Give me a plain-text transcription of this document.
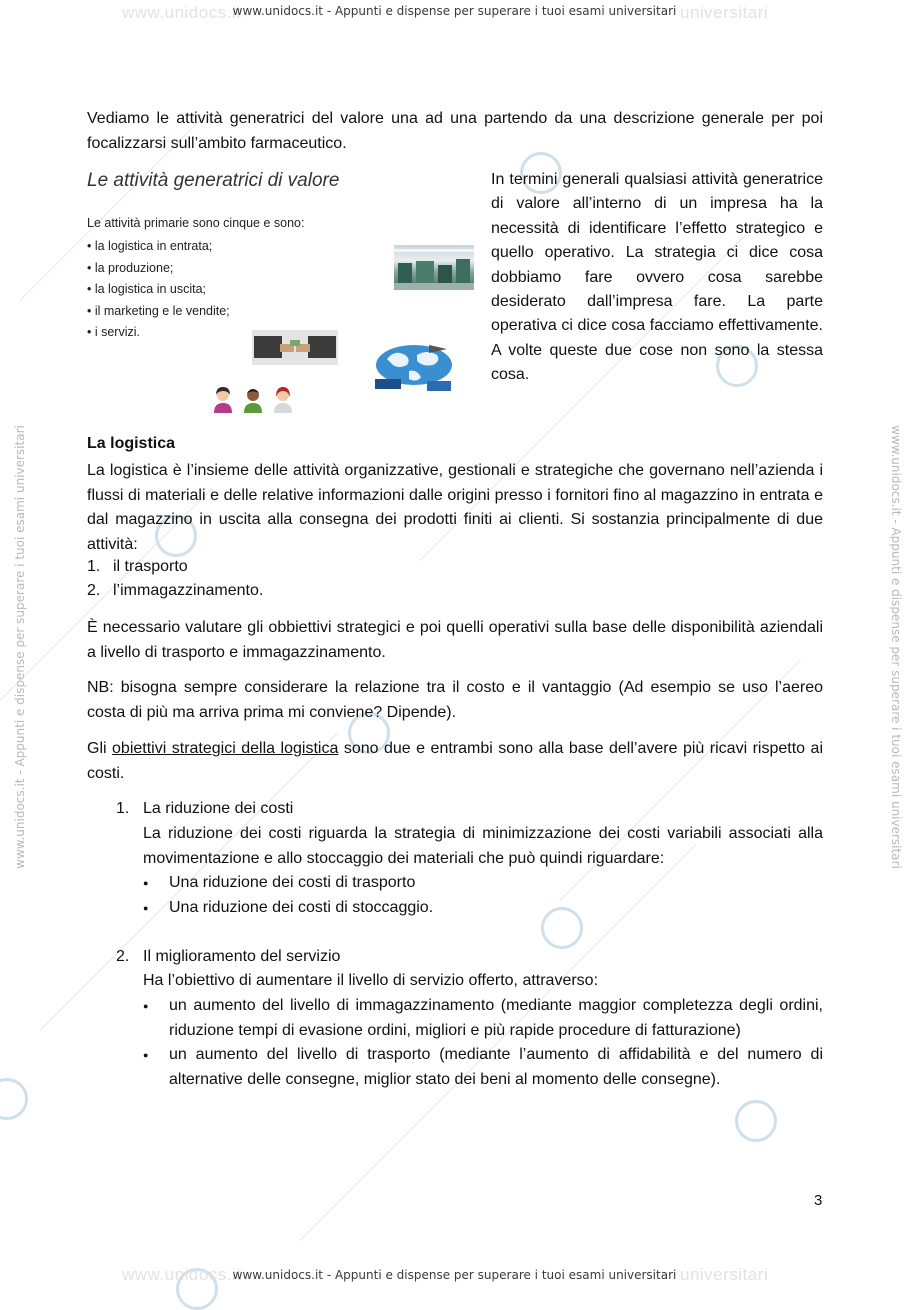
www.unidocs.it	universitari
www.unidocs.it	universitari
www.unidocs.it - Appunti e dispense per superare i tuoi esami universitari
www.unidocs.it - Appunti e dispense per superare i tuoi esami universitari
www.unidocs.it - Appunti e dispense per superare i tuoi esami universitari	www.unidocs.it - Appunti e dispense per superare i tuoi esami universitari
Vediamo le attività generatrici del valore una ad una partendo da una descrizione generale per poi focalizzarsi sull’ambito farmaceutico.
Le attività generatrici di valore
Le attività primarie sono cinque e sono:
• la logistica in entrata;
• la produzione;
• la logistica in uscita;
• il marketing e le vendite;
• i servizi.
In termini generali qualsiasi attività generatrice di valore all’interno di un impresa ha la necessità di identificare l’effetto strategico e quello operativo. La strategia ci dice cosa dobbiamo fare ovvero cosa sarebbe desiderato dall’impresa fare. La parte operativa ci dice cosa facciamo effettivamente. A volte queste due cose non sono la stessa cosa.
La logistica
La logistica è l’insieme delle attività organizzative, gestionali e strategiche che governano nell’azienda i flussi di materiali e delle relative informazioni dalle origini presso i fornitori fino al magazzino in entrata e dal magazzino in uscita alla consegna dei prodotti finiti ai clienti. Si sostanzia principalmente di due attività:
1. il trasporto
2. l’immagazzinamento.
È necessario valutare gli obbiettivi strategici e poi quelli operativi sulla base delle disponibilità aziendali a livello di trasporto e immagazzinamento.
NB: bisogna sempre considerare la relazione tra il costo e il vantaggio (Ad esempio se uso l’aereo costa di più ma arriva prima mi conviene? Dipende).
Gli obiettivi strategici della logistica sono due e entrambi sono alla base dell’avere più ricavi rispetto ai costi.
1. La riduzione dei costi
La riduzione dei costi riguarda la strategia di minimizzazione dei costi variabili associati alla movimentazione e allo stoccaggio dei materiali che può quindi riguardare:
● Una riduzione dei costi di trasporto
● Una riduzione dei costi di stoccaggio.
2. Il miglioramento del servizio
Ha l’obiettivo di aumentare il livello di servizio offerto, attraverso:
● un aumento del livello di immagazzinamento (mediante maggior completezza degli ordini, riduzione tempi di evasione ordini, migliori e più rapide procedure di fatturazione)
● un aumento del livello di trasporto (mediante l’aumento di affidabilità e del numero di alternative delle consegne, miglior stato dei beni al momento delle consegne).
3
